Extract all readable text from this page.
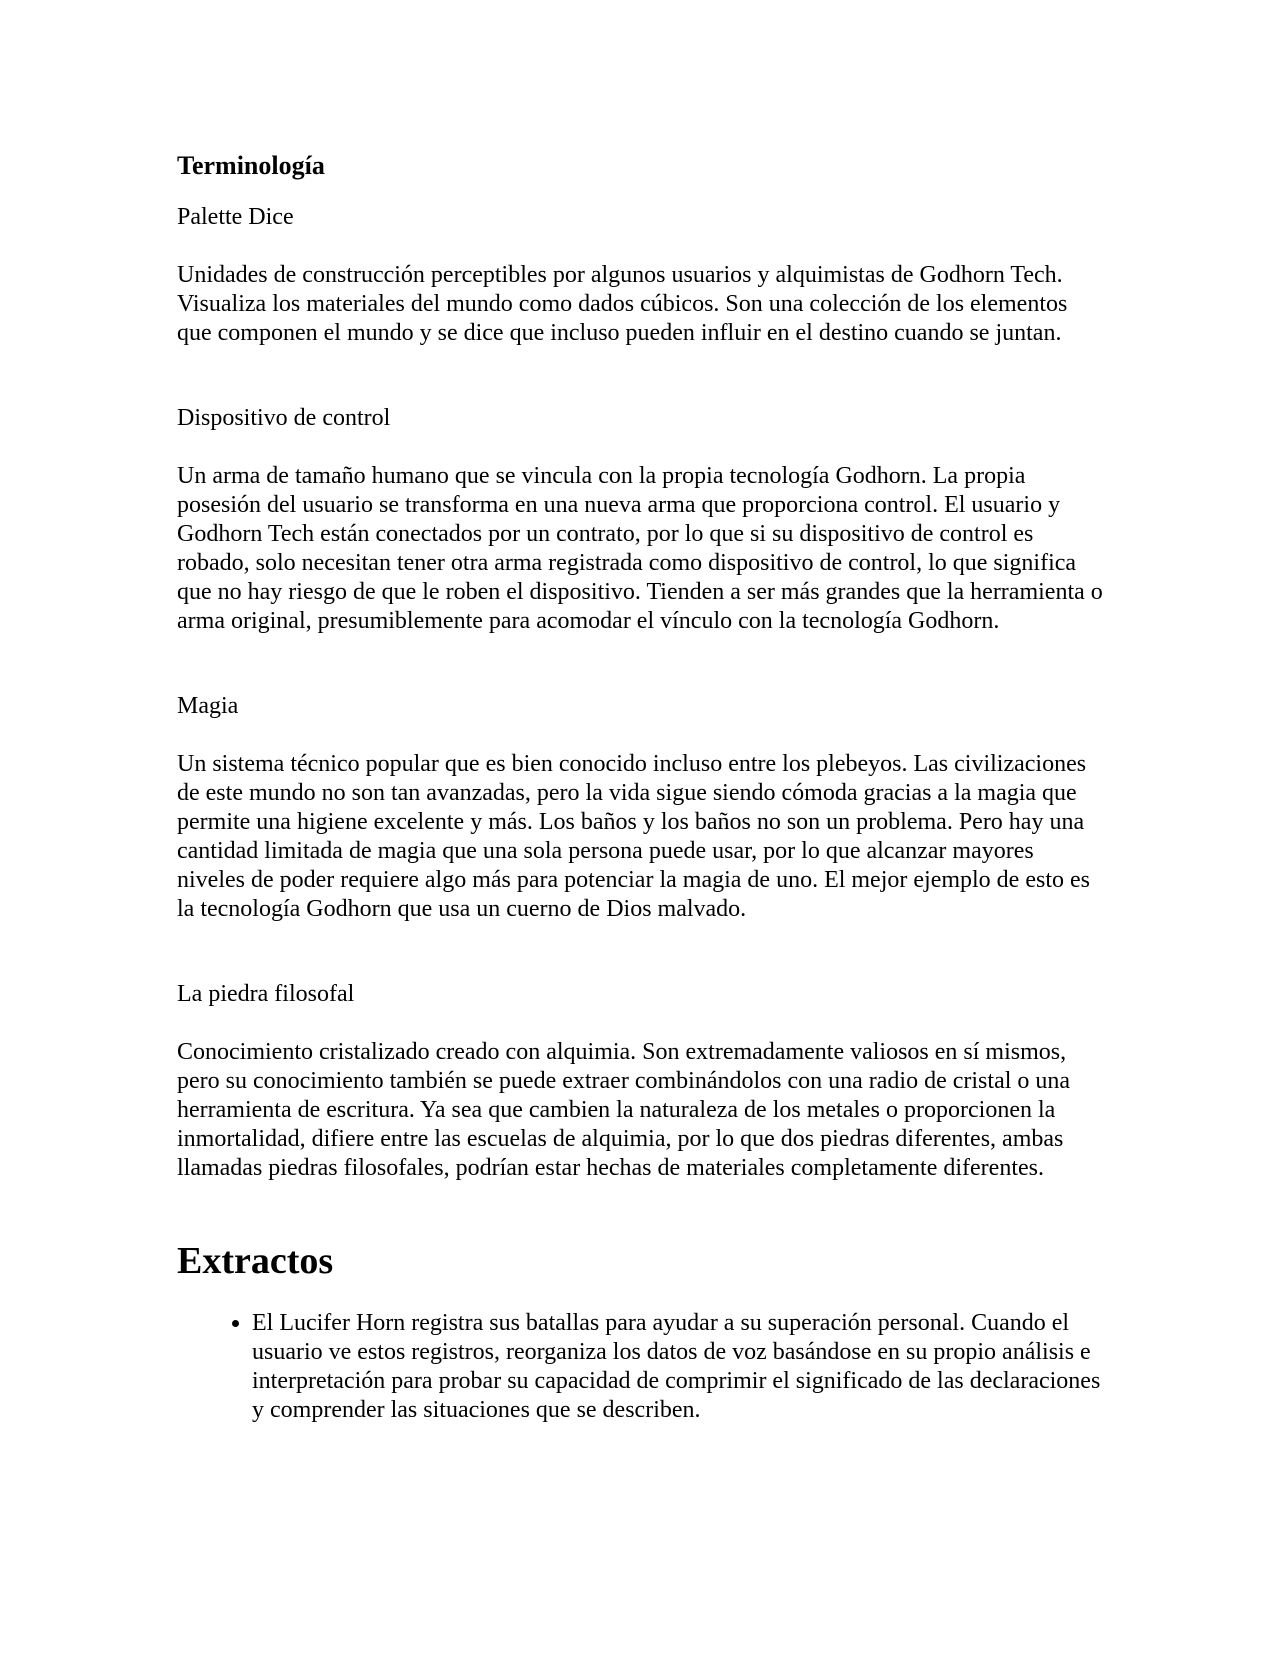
Terminología

Palette Dice

Unidades de construcción perceptibles por algunos usuarios y alquimistas de Godhorn Tech. Visualiza los materiales del mundo como dados cúbicos. Son una colección de los elementos que componen el mundo y se dice que incluso pueden influir en el destino cuando se juntan.

Dispositivo de control

Un arma de tamaño humano que se vincula con la propia tecnología Godhorn. La propia posesión del usuario se transforma en una nueva arma que proporciona control. El usuario y Godhorn Tech están conectados por un contrato, por lo que si su dispositivo de control es robado, solo necesitan tener otra arma registrada como dispositivo de control, lo que significa que no hay riesgo de que le roben el dispositivo. Tienden a ser más grandes que la herramienta o arma original, presumiblemente para acomodar el vínculo con la tecnología Godhorn.

Magia

Un sistema técnico popular que es bien conocido incluso entre los plebeyos. Las civilizaciones de este mundo no son tan avanzadas, pero la vida sigue siendo cómoda gracias a la magia que permite una higiene excelente y más. Los baños y los baños no son un problema. Pero hay una cantidad limitada de magia que una sola persona puede usar, por lo que alcanzar mayores niveles de poder requiere algo más para potenciar la magia de uno. El mejor ejemplo de esto es la tecnología Godhorn que usa un cuerno de Dios malvado.

La piedra filosofal

Conocimiento cristalizado creado con alquimia. Son extremadamente valiosos en sí mismos, pero su conocimiento también se puede extraer combinándolos con una radio de cristal o una herramienta de escritura. Ya sea que cambien la naturaleza de los metales o proporcionen la inmortalidad, difiere entre las escuelas de alquimia, por lo que dos piedras diferentes, ambas llamadas piedras filosofales, podrían estar hechas de materiales completamente diferentes.

Extractos
• El Lucifer Horn registra sus batallas para ayudar a su superación personal. Cuando el usuario ve estos registros, reorganiza los datos de voz basándose en su propio análisis e interpretación para probar su capacidad de comprimir el significado de las declaraciones y comprender las situaciones que se describen.
